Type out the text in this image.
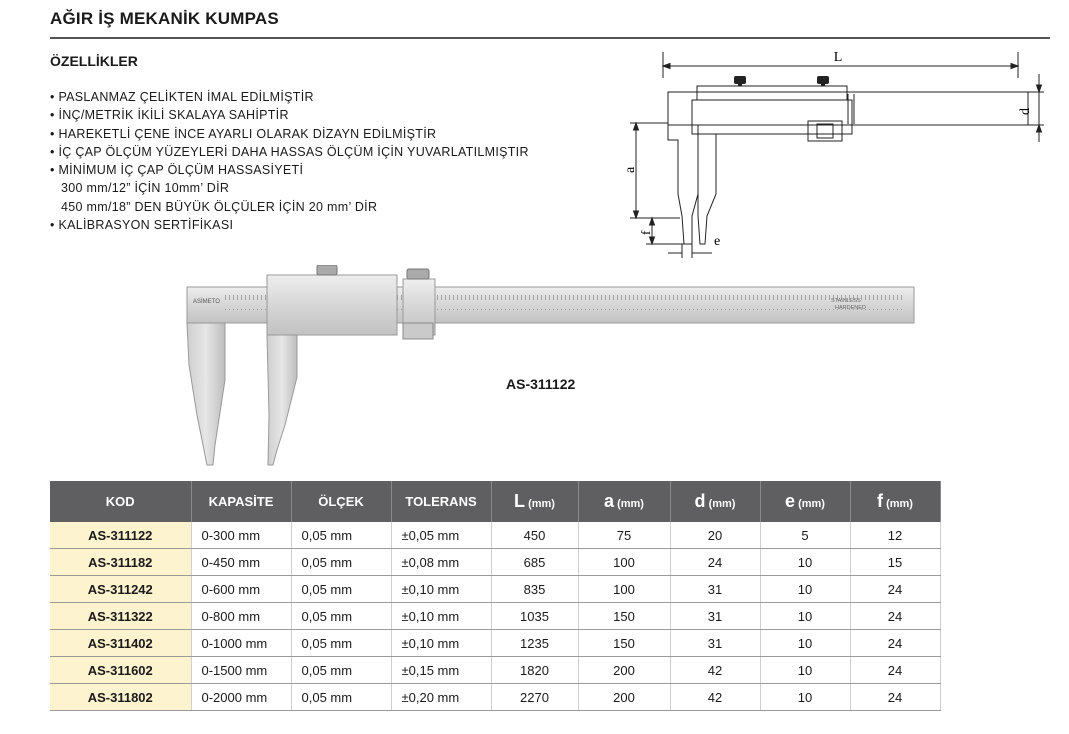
AĞIR İŞ MEKANİK KUMPAS
ÖZELLİKLER
• PASLANMAZ ÇELİKTEN İMAL EDİLMİŞTİR
• İNÇ/METRİK İKİLİ SKALAYA SAHİPTİR
• HAREKETLİ ÇENE İNCE AYARLI OLARAK DİZAYN EDİLMİŞTİR
• İÇ ÇAP ÖLÇÜM YÜZEYLERİ DAHA HASSAS ÖLÇÜM İÇİN YUVARLATILMIŞTIR
• MİNİMUM İÇ ÇAP ÖLÇÜM HASSASİYETİ
300 mm/12” İÇİN 10mm’ DİR
450 mm/18” DEN BÜYÜK ÖLÇÜLER İÇİN 20 mm’ DİR
• KALİBRASYON SERTİFİKASI
L
d
a
f
e
ASİMETO	STAINLESS
HARDENED
AS-311122
KOD	KAPASİTE	ÖLÇEK	TOLERANS	L (mm)	a (mm)	d (mm)	e (mm)	f (mm)
AS-311122	0-300 mm	0,05 mm	±0,05 mm	450	75	20	5	12
AS-311182	0-450 mm	0,05 mm	±0,08 mm	685	100	24	10	15
AS-311242	0-600 mm	0,05 mm	±0,10 mm	835	100	31	10	24
AS-311322	0-800 mm	0,05 mm	±0,10 mm	1035	150	31	10	24
AS-311402	0-1000 mm	0,05 mm	±0,10 mm	1235	150	31	10	24
AS-311602	0-1500 mm	0,05 mm	±0,15 mm	1820	200	42	10	24
AS-311802	0-2000 mm	0,05 mm	±0,20 mm	2270	200	42	10	24
